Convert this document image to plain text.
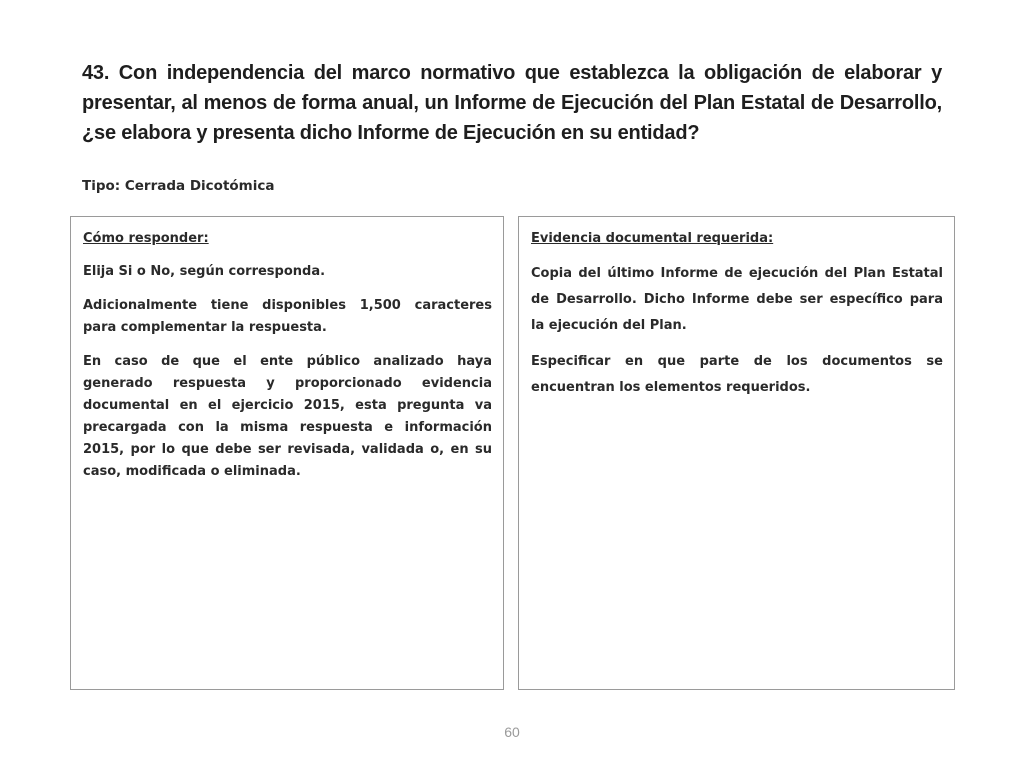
43. Con independencia del marco normativo que establezca la obligación de elaborar y presentar, al menos de forma anual, un Informe de Ejecución del Plan Estatal de Desarrollo, ¿se elabora y presenta dicho Informe de Ejecución en su entidad?

Tipo: Cerrada Dicotómica
Cómo responder:

Elija Si o No, según corresponda.

Adicionalmente tiene disponibles 1,500 caracteres para complementar la respuesta.

En caso de que el ente público analizado haya generado respuesta y proporcionado evidencia documental en el ejercicio 2015, esta pregunta va precargada con la misma respuesta e información 2015, por lo que debe ser revisada, validada o, en su caso, modificada o eliminada.

Evidencia documental requerida:

Copia del último Informe de ejecución del Plan Estatal de Desarrollo. Dicho Informe debe ser específico para la ejecución del Plan.

Especificar en que parte de los documentos se encuentran los elementos requeridos.

60
